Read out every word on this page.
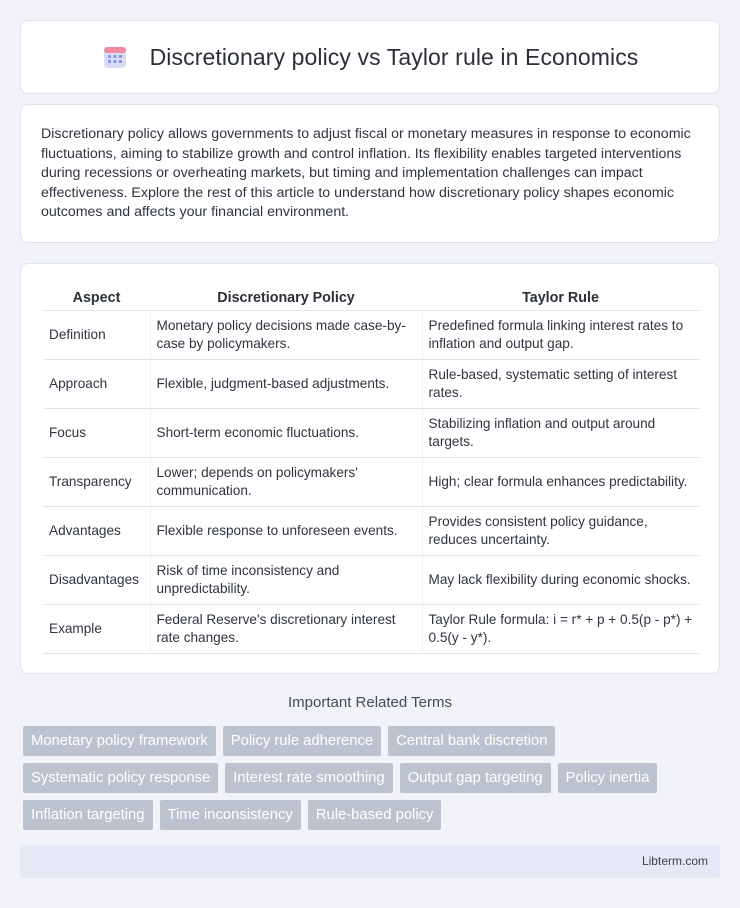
Discretionary policy vs Taylor rule in Economics

Discretionary policy allows governments to adjust fiscal or monetary measures in response to economic fluctuations, aiming to stabilize growth and control inflation. Its flexibility enables targeted interventions during recessions or overheating markets, but timing and implementation challenges can impact effectiveness. Explore the rest of this article to understand how discretionary policy shapes economic outcomes and affects your financial environment.

Aspect	Discretionary Policy	Taylor Rule
Definition	Monetary policy decisions made case-by-case by policymakers.	Predefined formula linking interest rates to inflation and output gap.
Approach	Flexible, judgment-based adjustments.	Rule-based, systematic setting of interest rates.
Focus	Short-term economic fluctuations.	Stabilizing inflation and output around targets.
Transparency	Lower; depends on policymakers' communication.	High; clear formula enhances predictability.
Advantages	Flexible response to unforeseen events.	Provides consistent policy guidance, reduces uncertainty.
Disadvantages	Risk of time inconsistency and unpredictability.	May lack flexibility during economic shocks.
Example	Federal Reserve's discretionary interest rate changes.	Taylor Rule formula: i = r* + p + 0.5(p - p*) + 0.5(y - y*).
Important Related Terms
Monetary policy framework	Policy rule adherence	Central bank discretion
Systematic policy response	Interest rate smoothing	Output gap targeting	Policy inertia
Inflation targeting	Time inconsistency	Rule-based policy
Libterm.com
